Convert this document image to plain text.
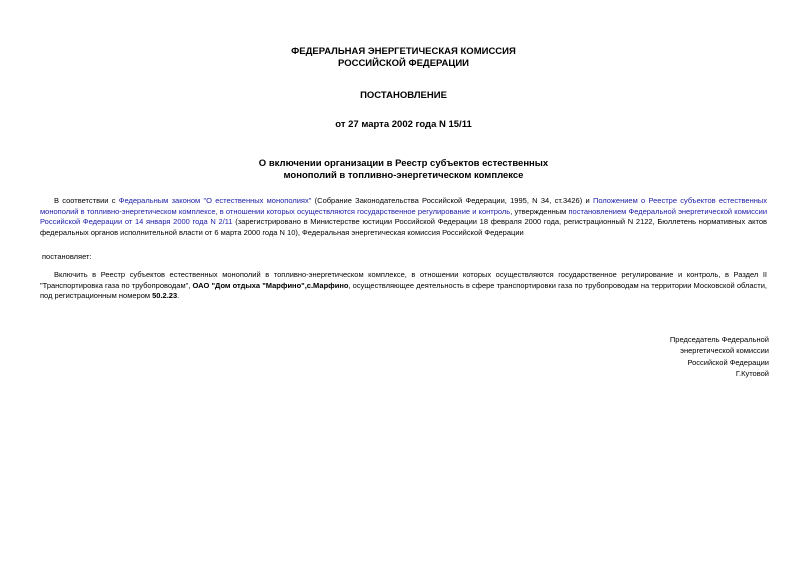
ФЕДЕРАЛЬНАЯ ЭНЕРГЕТИЧЕСКАЯ КОМИССИЯ
РОССИЙСКОЙ ФЕДЕРАЦИИ
ПОСТАНОВЛЕНИЕ
от 27 марта 2002 года N 15/11
О включении организации в Реестр субъектов естественных
монополий в топливно-энергетическом комплексе
В соответствии с Федеральным законом "О естественных монополиях" (Собрание Законодательства Российской Федерации, 1995, N 34, ст.3426) и Положением о Реестре субъектов естественных монополий в топливно-энергетическом комплексе, в отношении которых осуществляются государственное регулирование и контроль, утвержденным постановлением Федеральной энергетической комиссии Российской Федерации от 14 января 2000 года N 2/11 (зарегистрировано в Министерстве юстиции Российской Федерации 18 февраля 2000 года, регистрационный N 2122, Бюллетень нормативных актов федеральных органов исполнительной власти от 6 марта 2000 года N 10), Федеральная энергетическая комиссия Российской Федерации
постановляет:
Включить в Реестр субъектов естественных монополий в топливно-энергетическом комплексе, в отношении которых осуществляются государственное регулирование и контроль, в Раздел II "Транспортировка газа по трубопроводам", ОАО "Дом отдыха "Марфино",с.Марфино, осуществляющее деятельность в сфере транспортировки газа по трубопроводам на территории Московской области, под регистрационным номером 50.2.23.
Председатель Федеральной
энергетической комиссии
Российской Федерации
Г.Кутовой
